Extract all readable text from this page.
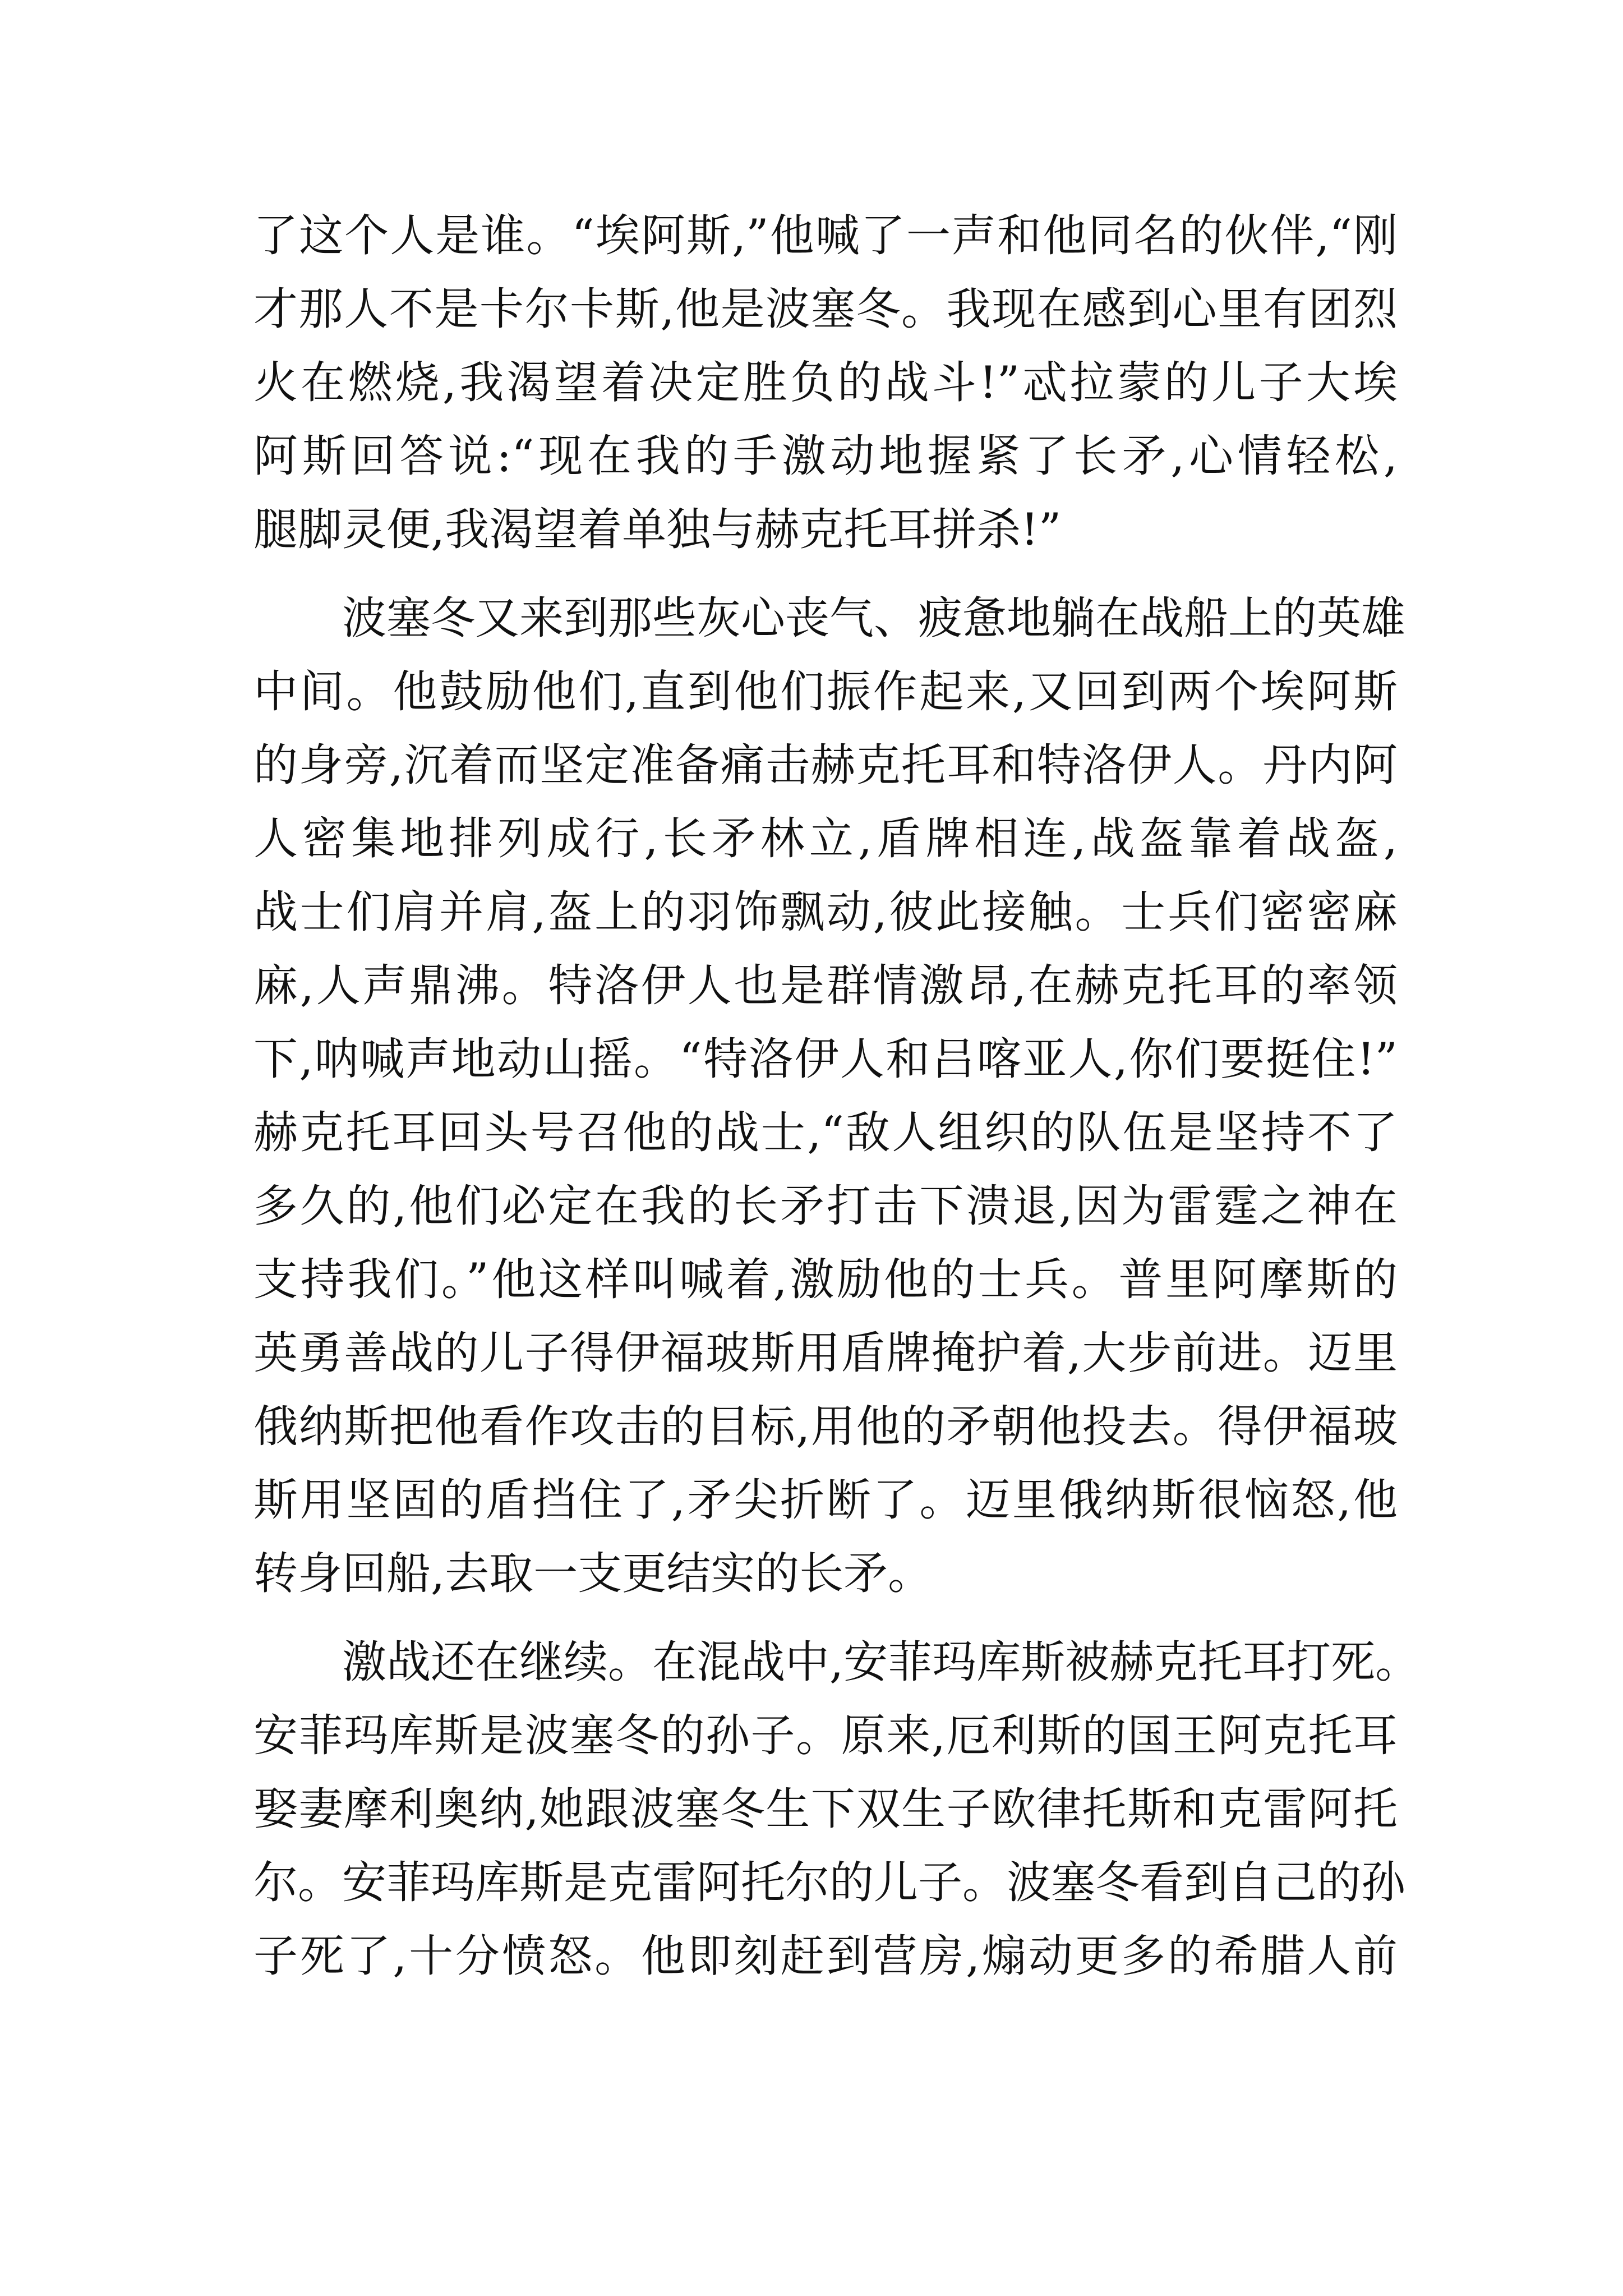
了这个人是谁。“埃阿斯,”他喊了一声和他同名的伙伴,“刚
才那人不是卡尔卡斯,他是波塞冬。我现在感到心里有团烈
火在燃烧,我渴望着决定胜负的战斗!”忒拉蒙的儿子大埃
阿斯回答说:“现在我的手激动地握紧了长矛,心情轻松,
腿脚灵便,我渴望着单独与赫克托耳拼杀!”
波塞冬又来到那些灰心丧气、疲惫地躺在战船上的英雄
中间。他鼓励他们,直到他们振作起来,又回到两个埃阿斯
的身旁,沉着而坚定准备痛击赫克托耳和特洛伊人。丹内阿
人密集地排列成行,长矛林立,盾牌相连,战盔靠着战盔,
战士们肩并肩,盔上的羽饰飘动,彼此接触。士兵们密密麻
麻,人声鼎沸。特洛伊人也是群情激昂,在赫克托耳的率领
下,呐喊声地动山摇。“特洛伊人和吕喀亚人,你们要挺住!”
赫克托耳回头号召他的战士,“敌人组织的队伍是坚持不了
多久的,他们必定在我的长矛打击下溃退,因为雷霆之神在
支持我们。”他这样叫喊着,激励他的士兵。普里阿摩斯的
英勇善战的儿子得伊福玻斯用盾牌掩护着,大步前进。迈里
俄纳斯把他看作攻击的目标,用他的矛朝他投去。得伊福玻
斯用坚固的盾挡住了,矛尖折断了。迈里俄纳斯很恼怒,他
转身回船,去取一支更结实的长矛。
激战还在继续。在混战中,安菲玛库斯被赫克托耳打死。
安菲玛库斯是波塞冬的孙子。原来,厄利斯的国王阿克托耳
娶妻摩利奥纳,她跟波塞冬生下双生子欧律托斯和克雷阿托
尔。安菲玛库斯是克雷阿托尔的儿子。波塞冬看到自己的孙
子死了,十分愤怒。他即刻赶到营房,煽动更多的希腊人前
